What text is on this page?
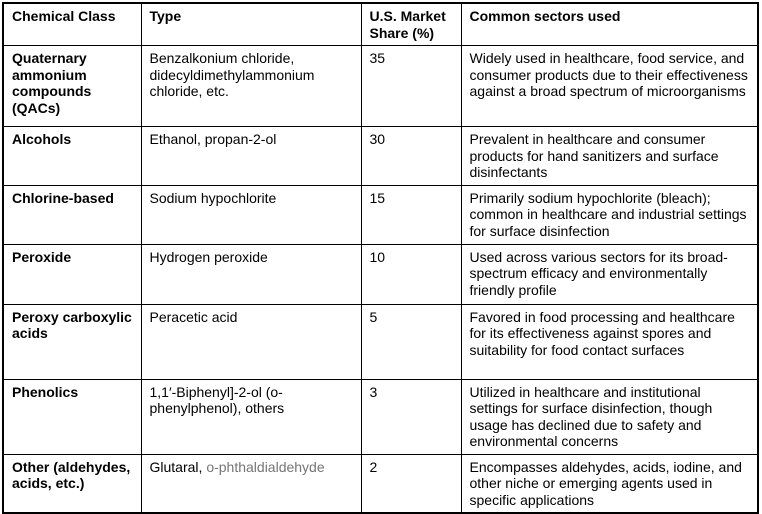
Chemical Class	Type	U.S. Market Share (%)	Common sectors used
Quaternary ammonium compounds (QACs)	Benzalkonium chloride, didecyldimethylammonium chloride, etc.	35	Widely used in healthcare, food service, and consumer products due to their effectiveness against a broad spectrum of microorganisms
Alcohols	Ethanol, propan-2-ol	30	Prevalent in healthcare and consumer products for hand sanitizers and surface disinfectants
Chlorine-based	Sodium hypochlorite	15	Primarily sodium hypochlorite (bleach); common in healthcare and industrial settings for surface disinfection
Peroxide	Hydrogen peroxide	10	Used across various sectors for its broad-spectrum efficacy and environmentally friendly profile
Peroxy carboxylic acids	Peracetic acid	5	Favored in food processing and healthcare for its effectiveness against spores and suitability for food contact surfaces
Phenolics	1,1′-Biphenyl]-2-ol (o-phenylphenol), others	3	Utilized in healthcare and institutional settings for surface disinfection, though usage has declined due to safety and environmental concerns
Other (aldehydes, acids, etc.)	Glutaral, o-phthaldialdehyde	2	Encompasses aldehydes, acids, iodine, and other niche or emerging agents used in specific applications
